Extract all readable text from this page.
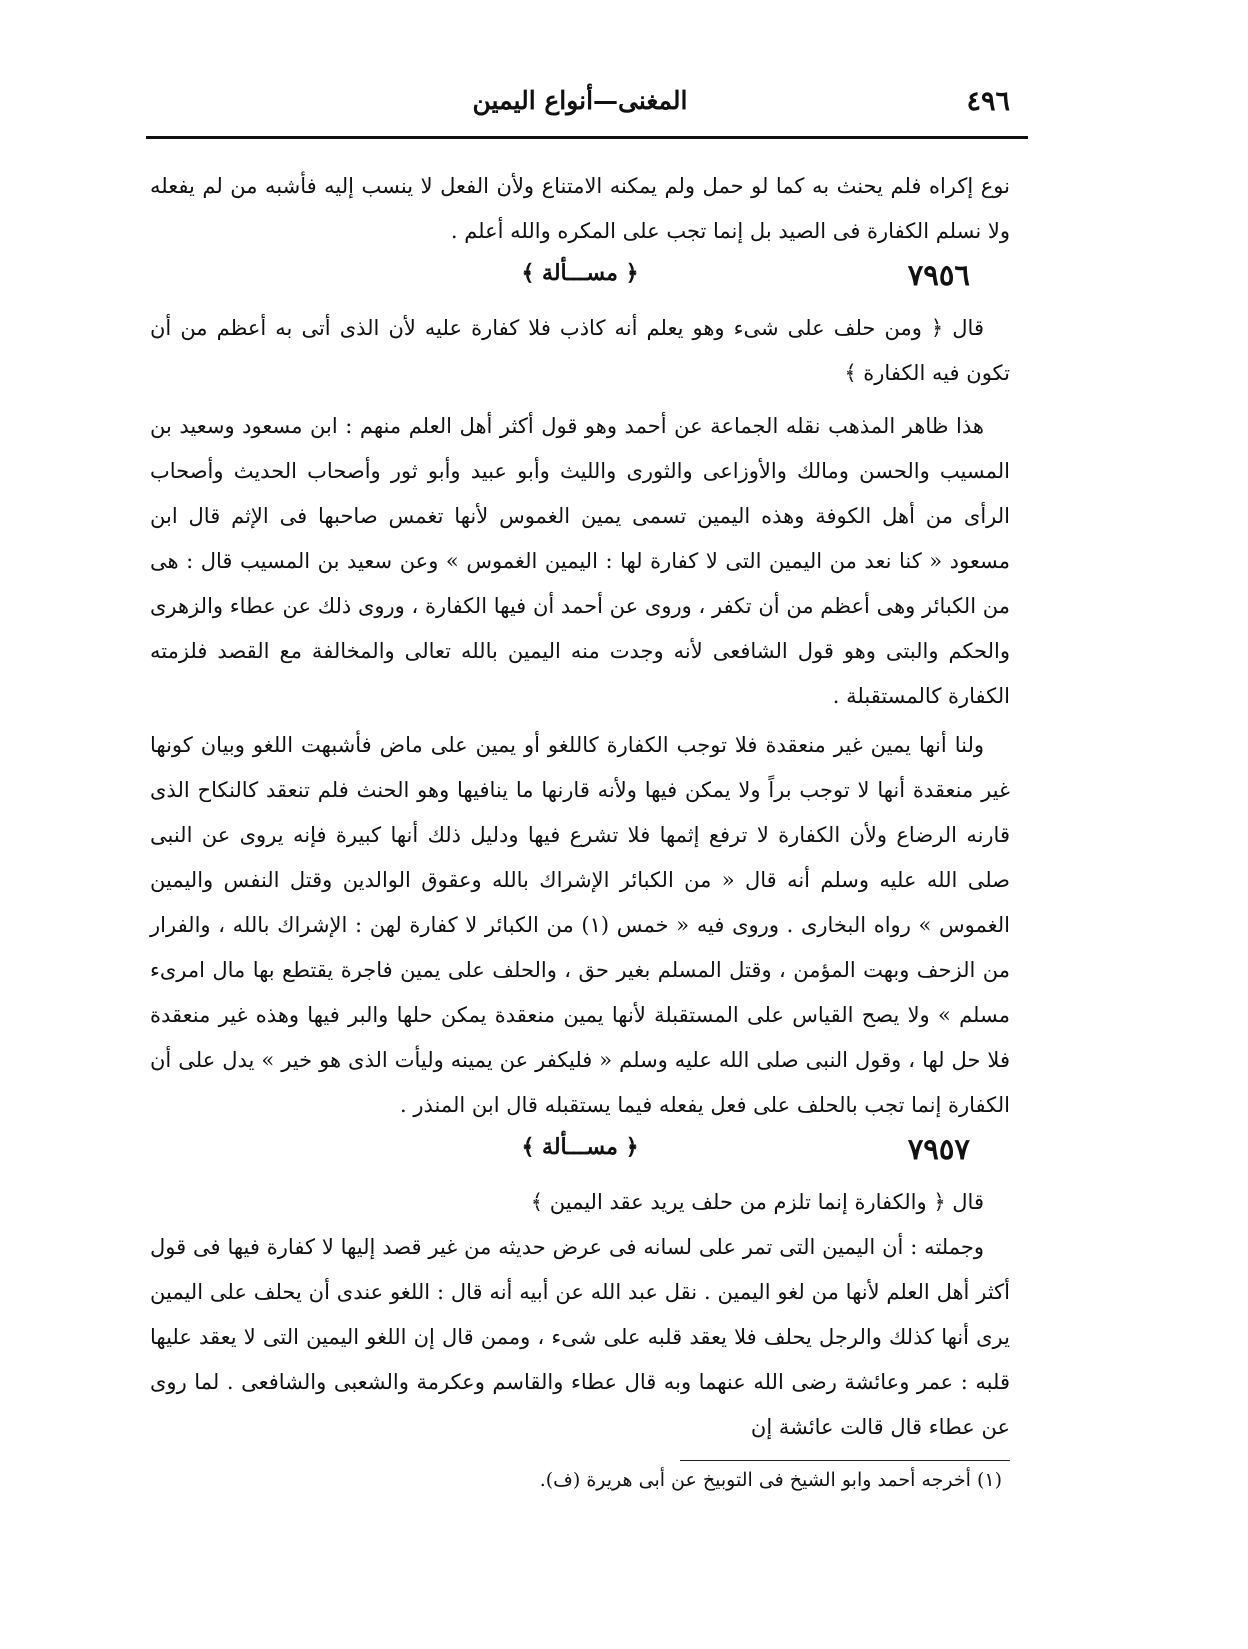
٤٩٦
المغنى—أنواع اليمين

نوع إكراه فلم يحنث به كما لو حمل ولم يمكنه الامتناع ولأن الفعل لا ينسب إليه فأشبه من لم يفعله ولا نسلم الكفارة فى الصيد بل إنما تجب على المكره والله أعلم .

٧٩٥٦
﴿ مســـألة ﴾

قال ﴿ ومن حلف على شىء وهو يعلم أنه كاذب فلا كفارة عليه لأن الذى أتى به أعظم من أن تكون فيه الكفارة ﴾

هذا ظاهر المذهب نقله الجماعة عن أحمد وهو قول أكثر أهل العلم منهم : ابن مسعود وسعيد بن المسيب والحسن ومالك والأوزاعى والثورى والليث وأبو عبيد وأبو ثور وأصحاب الحديث وأصحاب الرأى من أهل الكوفة وهذه اليمين تسمى يمين الغموس لأنها تغمس صاحبها فى الإثم قال ابن مسعود « كنا نعد من اليمين التى لا كفارة لها : اليمين الغموس » وعن سعيد بن المسيب قال : هى من الكبائر وهى أعظم من أن تكفر ، وروى عن أحمد أن فيها الكفارة ، وروى ذلك عن عطاء والزهرى والحكم والبتى وهو قول الشافعى لأنه وجدت منه اليمين بالله تعالى والمخالفة مع القصد فلزمته الكفارة كالمستقبلة .

ولنا أنها يمين غير منعقدة فلا توجب الكفارة كاللغو أو يمين على ماض فأشبهت اللغو وبيان كونها غير منعقدة أنها لا توجب براً ولا يمكن فيها ولأنه قارنها ما ينافيها وهو الحنث فلم تنعقد كالنكاح الذى قارنه الرضاع ولأن الكفارة لا ترفع إثمها فلا تشرع فيها ودليل ذلك أنها كبيرة فإنه يروى عن النبى صلى الله عليه وسلم أنه قال « من الكبائر الإشراك بالله وعقوق الوالدين وقتل النفس واليمين الغموس » رواه البخارى . وروى فيه « خمس (١) من الكبائر لا كفارة لهن : الإشراك بالله ، والفرار من الزحف وبهت المؤمن ، وقتل المسلم بغير حق ، والحلف على يمين فاجرة يقتطع بها مال امرىء مسلم » ولا يصح القياس على المستقبلة لأنها يمين منعقدة يمكن حلها والبر فيها وهذه غير منعقدة فلا حل لها ، وقول النبى صلى الله عليه وسلم « فليكفر عن يمينه وليأت الذى هو خير » يدل على أن الكفارة إنما تجب بالحلف على فعل يفعله فيما يستقبله قال ابن المنذر .

٧٩٥٧
﴿ مســـألة ﴾

قال ﴿ والكفارة إنما تلزم من حلف يريد عقد اليمين ﴾

وجملته : أن اليمين التى تمر على لسانه فى عرض حديثه من غير قصد إليها لا كفارة فيها فى قول أكثر أهل العلم لأنها من لغو اليمين . نقل عبد الله عن أبيه أنه قال : اللغو عندى أن يحلف على اليمين يرى أنها كذلك والرجل يحلف فلا يعقد قلبه على شىء ، وممن قال إن اللغو اليمين التى لا يعقد عليها قلبه : عمر وعائشة رضى الله عنهما وبه قال عطاء والقاسم وعكرمة والشعبى والشافعى . لما روى عن عطاء قال قالت عائشة إن

(١) أخرجه أحمد وابو الشيخ فى التوبيخ عن أبى هريرة (ف).
